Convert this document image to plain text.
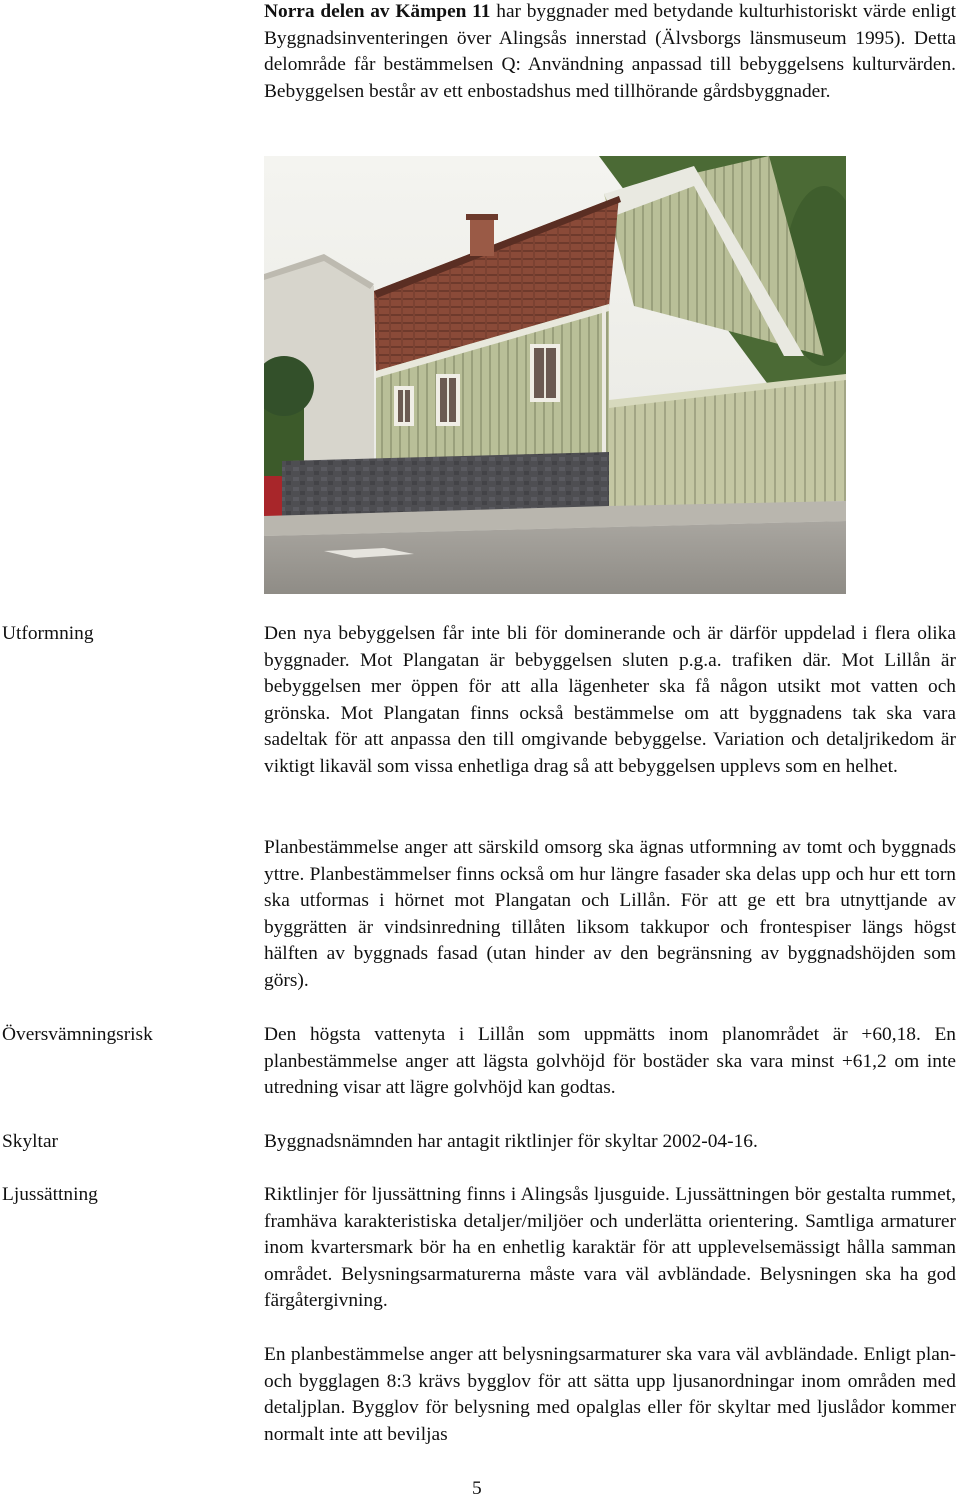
Norra delen av Kämpen 11 har byggnader med betydande kulturhistoriskt värde enligt Byggnadsinventeringen över Alingsås innerstad (Älvsborgs länsmuseum 1995). Detta delområde får bestämmelsen Q: Användning anpassad till bebyggelsens kulturvärden. Bebyggelsen består av ett enbostadshus med tillhörande gårdsbyggnader.

Utformning	Den nya bebyggelsen får inte bli för dominerande och är därför uppdelad i flera olika byggnader. Mot Plangatan är bebyggelsen sluten p.g.a. trafiken där. Mot Lillån är bebyggelsen mer öppen för att alla lägenheter ska få någon utsikt mot vatten och grönska. Mot Plangatan finns också bestämmelse om att byggnadens tak ska vara sadeltak för att anpassa den till omgivande bebyggelse. Variation och detaljrikedom är viktigt likaväl som vissa enhetliga drag så att bebyggelsen upplevs som en helhet.

Planbestämmelse anger att särskild omsorg ska ägnas utformning av tomt och byggnads yttre. Planbestämmelser finns också om hur längre fasader ska delas upp och hur ett torn ska utformas i hörnet mot Plangatan och Lillån. För att ge ett bra utnyttjande av byggrätten är vindsinredning tillåten liksom takkupor och frontespiser längs högst hälften av byggnads fasad (utan hinder av den begränsning av byggnadshöjden som görs).

Översvämningsrisk	Den högsta vattenyta i Lillån som uppmätts inom planområdet är +60,18. En planbestämmelse anger att lägsta golvhöjd för bostäder ska vara minst +61,2 om inte utredning visar att lägre golvhöjd kan godtas.

Skyltar	Byggnadsnämnden har antagit riktlinjer för skyltar 2002-04-16.

Ljussättning	Riktlinjer för ljussättning finns i Alingsås ljusguide. Ljussättningen bör gestalta rummet, framhäva karakteristiska detaljer/miljöer och underlätta orientering. Samtliga armaturer inom kvartersmark bör ha en enhetlig karaktär för att upplevelsemässigt hålla samman området. Belysningsarmaturerna måste vara väl avbländade. Belysningen ska ha god färgåtergivning.

En planbestämmelse anger att belysningsarmaturer ska vara väl avbländade. Enligt plan- och bygglagen 8:3 krävs bygglov för att sätta upp ljusanordningar inom områden med detaljplan. Bygglov för belysning med opalglas eller för skyltar med ljuslådor kommer normalt inte att beviljas

5
